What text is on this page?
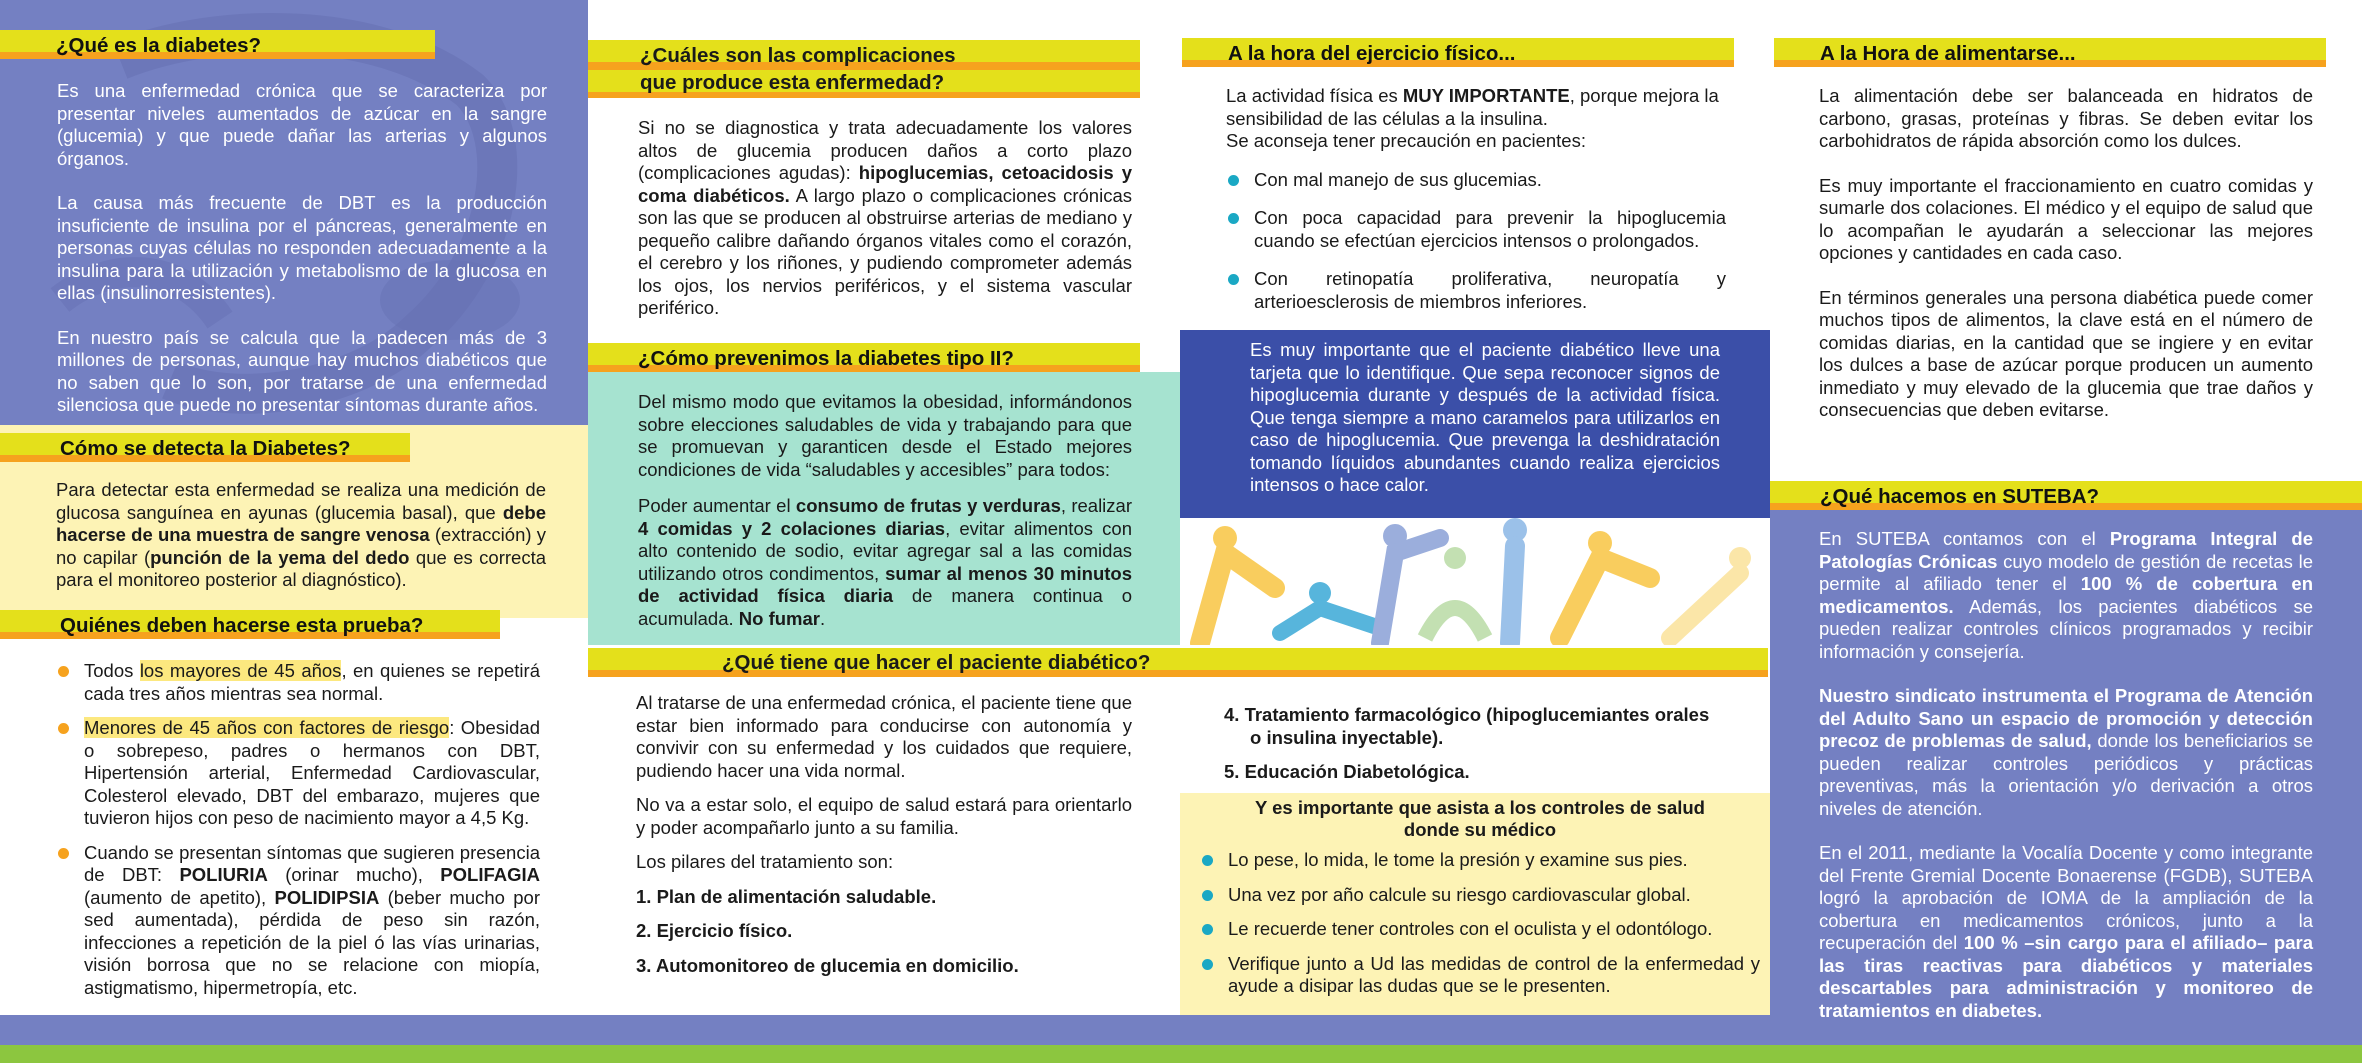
¿Qué es la diabetes?

Es una enfermedad crónica que se caracteriza por presentar niveles aumentados de azúcar en la sangre (glucemia) y que puede dañar las arterias y algunos órganos.

La causa más frecuente de DBT es la producción insuficiente de insulina por el páncreas, generalmente en personas cuyas células no responden adecuadamente a la insulina para la utilización y metabolismo de la glucosa en ellas (insulinorresistentes).

En nuestro país se calcula que la padecen más de 3 millones de personas, aunque hay muchos diabéticos que no saben que lo son, por tratarse de una enfermedad silenciosa que puede no presentar síntomas durante años.

Cómo se detecta la Diabetes?

Para detectar esta enfermedad se realiza una medición de glucosa sanguínea en ayunas (glucemia basal), que debe hacerse de una muestra de sangre venosa (extracción) y no capilar (punción de la yema del dedo que es correcta para el monitoreo posterior al diagnóstico).

Quiénes deben hacerse esta prueba?
Todos los mayores de 45 años, en quienes se repetirá cada tres años mientras sea normal.
Menores de 45 años con factores de riesgo: Obesidad o sobrepeso, padres o hermanos con DBT, Hipertensión arterial, Enfermedad Cardiovascular, Colesterol elevado, DBT del embarazo, mujeres que tuvieron hijos con peso de nacimiento mayor a 4,5 Kg.
Cuando se presentan síntomas que sugieren presencia de DBT: POLIURIA (orinar mucho), POLIFAGIA (aumento de apetito), POLIDIPSIA (beber mucho por sed aumentada), pérdida de peso sin razón, infecciones a repetición de la piel ó las vías urinarias, visión borrosa que no se relacione con miopía, astigmatismo, hipermetropía, etc.
¿Cuáles son las complicaciones
que produce esta enfermedad?

Si no se diagnostica y trata adecuadamente los valores altos de glucemia producen daños a corto plazo (complicaciones agudas): hipoglucemias, cetoacidosis y coma diabéticos. A largo plazo o complicaciones crónicas son las que se producen al obstruirse arterias de mediano y pequeño calibre dañando órganos vitales como el corazón, el cerebro y los riñones, y pudiendo comprometer además los ojos, los nervios periféricos, y el sistema vascular periférico.

¿Cómo prevenimos la diabetes tipo II?

Del mismo modo que evitamos la obesidad, informándonos sobre elecciones saludables de vida y trabajando para que se promuevan y garanticen desde el Estado mejores condiciones de vida “saludables y accesibles” para todos:

Poder aumentar el consumo de frutas y verduras, realizar 4 comidas y 2 colaciones diarias, evitar alimentos con alto contenido de sodio, evitar agregar sal a las comidas utilizando otros condimentos, sumar al menos 30 minutos de actividad física diaria de manera continua o acumulada. No fumar.

¿Qué tiene que hacer el paciente diabético?

Al tratarse de una enfermedad crónica, el paciente tiene que estar bien informado para conducirse con autonomía y convivir con su enfermedad y los cuidados que requiere, pudiendo hacer una vida normal.

No va a estar solo, el equipo de salud estará para orientarlo y poder acompañarlo junto a su familia.

Los pilares del tratamiento son:

1. Plan de alimentación saludable.
2. Ejercicio físico.
3. Automonitoreo de glucemia en domicilio.
A la hora del ejercicio físico...

La actividad física es MUY IMPORTANTE, porque mejora la sensibilidad de las células a la insulina.
Se aconseja tener precaución en pacientes:

Con mal manejo de sus glucemias.
Con poca capacidad para prevenir la hipoglucemia cuando se efectúan ejercicios intensos o prolongados.
Con retinopatía proliferativa, neuropatía y arterioesclerosis de miembros inferiores.

Es muy importante que el paciente diabético lleve una tarjeta que lo identifique. Que sepa reconocer signos de hipoglucemia durante y después de la actividad física. Que tenga siempre a mano caramelos para utilizarlos en caso de hipoglucemia. Que prevenga la deshidratación tomando líquidos abundantes cuando realiza ejercicios intensos o hace calor.

4. Tratamiento farmacológico (hipoglucemiantes orales
o insulina inyectable).
5. Educación Diabetológica.
Y es importante que asista a los controles de salud
donde su médico
Lo pese, lo mida, le tome la presión y examine sus pies.
Una vez por año calcule su riesgo cardiovascular global.
Le recuerde tener controles con el oculista y el odontólogo.
Verifique junto a Ud las medidas de control de la enfermedad y ayude a disipar las dudas que se le presenten.
A la Hora de alimentarse...

La alimentación debe ser balanceada en hidratos de carbono, grasas, proteínas y fibras. Se deben evitar los carbohidratos de rápida absorción como los dulces.

Es muy importante el fraccionamiento en cuatro comidas y sumarle dos colaciones. El médico y el equipo de salud que lo acompañan le ayudarán a seleccionar las mejores opciones y cantidades en cada caso.

En términos generales una persona diabética puede comer muchos tipos de alimentos, la clave está en el número de comidas diarias, en la cantidad que se ingiere y en evitar los dulces a base de azúcar porque producen un aumento inmediato y muy elevado de la glucemia que trae daños y consecuencias que deben evitarse.

¿Qué hacemos en SUTEBA?

En SUTEBA contamos con el Programa Integral de Patologías Crónicas cuyo modelo de gestión de recetas le permite al afiliado tener el 100 % de cobertura en medicamentos. Además, los pacientes diabéticos se pueden realizar controles clínicos programados y recibir información y consejería.

Nuestro sindicato instrumenta el Programa de Atención del Adulto Sano un espacio de promoción y detección precoz de problemas de salud, donde los beneficiarios se pueden realizar controles periódicos y prácticas preventivas, más la orientación y/o derivación a otros niveles de atención.

En el 2011, mediante la Vocalía Docente y como integrante del Frente Gremial Docente Bonaerense (FGDB), SUTEBA logró la aprobación de IOMA de la ampliación de la cobertura en medicamentos crónicos, junto a la recuperación del 100 % –sin cargo para el afiliado– para las tiras reactivas para diabéticos y materiales descartables para administración y monitoreo de tratamientos en diabetes.
